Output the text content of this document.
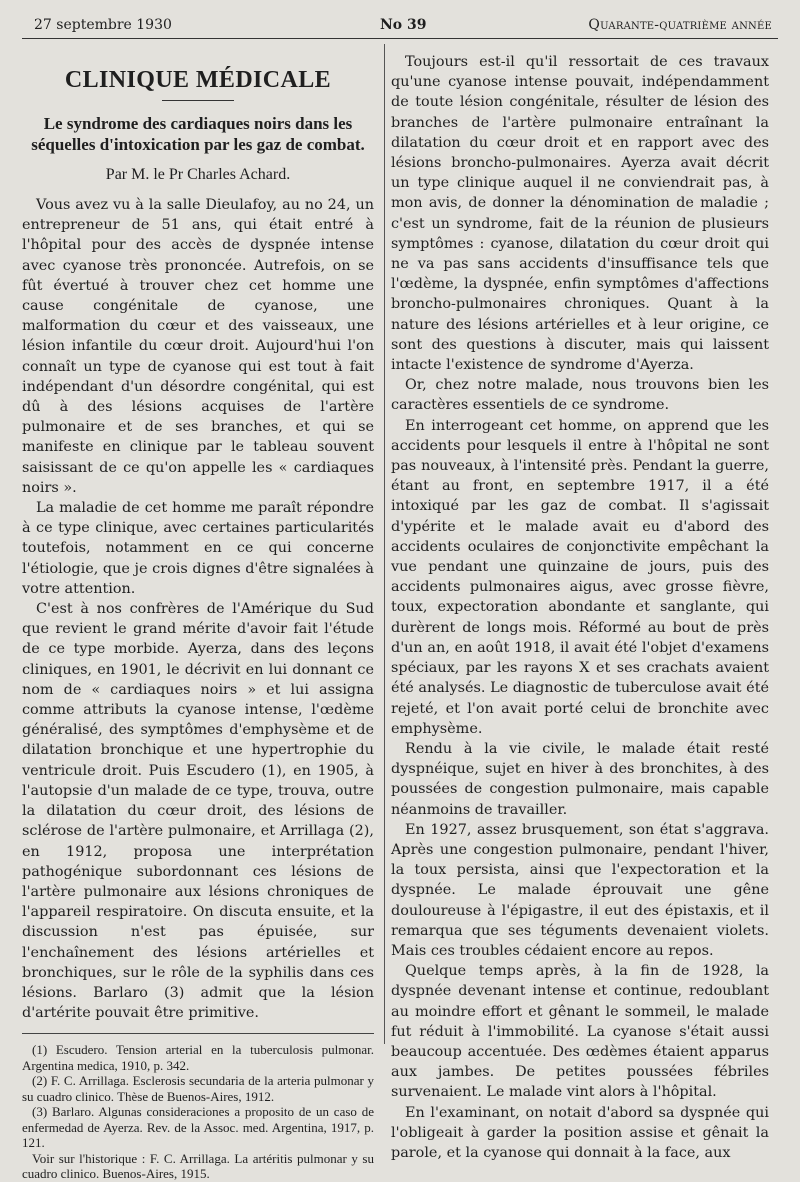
27 septembre 1930	No 39	Quarante-quatrième année
CLINIQUE MÉDICALE
Le syndrome des cardiaques noirs dans les séquelles d'intoxication par les gaz de combat.
Par M. le Pr Charles Achard.

Vous avez vu à la salle Dieulafoy, au no 24, un entrepreneur de 51 ans, qui était entré à l'hôpital pour des accès de dyspnée intense avec cyanose très prononcée. Autrefois, on se fût évertué à trouver chez cet homme une cause congénitale de cyanose, une malformation du cœur et des vaisseaux, une lésion infantile du cœur droit. Aujourd'hui l'on connaît un type de cyanose qui est tout à fait indépendant d'un désordre congénital, qui est dû à des lésions acquises de l'artère pulmonaire et de ses branches, et qui se manifeste en clinique par le tableau souvent saisissant de ce qu'on appelle les « cardiaques noirs ».

La maladie de cet homme me paraît répondre à ce type clinique, avec certaines particularités toutefois, notamment en ce qui concerne l'étiologie, que je crois dignes d'être signalées à votre attention.

C'est à nos confrères de l'Amérique du Sud que revient le grand mérite d'avoir fait l'étude de ce type morbide. Ayerza, dans des leçons cliniques, en 1901, le décrivit en lui donnant ce nom de « cardiaques noirs » et lui assigna comme attributs la cyanose intense, l'œdème généralisé, des symptômes d'emphysème et de dilatation bronchique et une hypertrophie du ventricule droit. Puis Escudero (1), en 1905, à l'autopsie d'un malade de ce type, trouva, outre la dilatation du cœur droit, des lésions de sclérose de l'artère pulmonaire, et Arrillaga (2), en 1912, proposa une interprétation pathogénique subordonnant ces lésions de l'artère pulmonaire aux lésions chroniques de l'appareil respiratoire. On discuta ensuite, et la discussion n'est pas épuisée, sur l'enchaînement des lésions artérielles et bronchiques, sur le rôle de la syphilis dans ces lésions. Barlaro (3) admit que la lésion d'artérite pouvait être primitive.

(1) Escudero. Tension arterial en la tuberculosis pulmonar. Argentina medica, 1910, p. 342.

(2) F. C. Arrillaga. Esclerosis secundaria de la arteria pulmonar y su cuadro clinico. Thèse de Buenos-Aires, 1912.

(3) Barlaro. Algunas consideraciones a proposito de un caso de enfermedad de Ayerza. Rev. de la Assoc. med. Argentina, 1917, p. 121.

Voir sur l'historique : F. C. Arrillaga. La artéritis pulmonar y su cuadro clinico. Buenos-Aires, 1915.

Toujours est-il qu'il ressortait de ces travaux qu'une cyanose intense pouvait, indépendamment de toute lésion congénitale, résulter de lésion des branches de l'artère pulmonaire entraînant la dilatation du cœur droit et en rapport avec des lésions broncho-pulmonaires. Ayerza avait décrit un type clinique auquel il ne conviendrait pas, à mon avis, de donner la dénomination de maladie ; c'est un syndrome, fait de la réunion de plusieurs symptômes : cyanose, dilatation du cœur droit qui ne va pas sans accidents d'insuffisance tels que l'œdème, la dyspnée, enfin symptômes d'affections broncho-pulmonaires chroniques. Quant à la nature des lésions artérielles et à leur origine, ce sont des questions à discuter, mais qui laissent intacte l'existence de syndrome d'Ayerza.

Or, chez notre malade, nous trouvons bien les caractères essentiels de ce syndrome.

En interrogeant cet homme, on apprend que les accidents pour lesquels il entre à l'hôpital ne sont pas nouveaux, à l'intensité près. Pendant la guerre, étant au front, en septembre 1917, il a été intoxiqué par les gaz de combat. Il s'agissait d'ypérite et le malade avait eu d'abord des accidents oculaires de conjonctivite empêchant la vue pendant une quinzaine de jours, puis des accidents pulmonaires aigus, avec grosse fièvre, toux, expectoration abondante et sanglante, qui durèrent de longs mois. Réformé au bout de près d'un an, en août 1918, il avait été l'objet d'examens spéciaux, par les rayons X et ses crachats avaient été analysés. Le diagnostic de tuberculose avait été rejeté, et l'on avait porté celui de bronchite avec emphysème.

Rendu à la vie civile, le malade était resté dyspnéique, sujet en hiver à des bronchites, à des poussées de congestion pulmonaire, mais capable néanmoins de travailler.

En 1927, assez brusquement, son état s'aggrava. Après une congestion pulmonaire, pendant l'hiver, la toux persista, ainsi que l'expectoration et la dyspnée. Le malade éprouvait une gêne douloureuse à l'épigastre, il eut des épistaxis, et il remarqua que ses téguments devenaient violets. Mais ces troubles cédaient encore au repos.

Quelque temps après, à la fin de 1928, la dyspnée devenant intense et continue, redoublant au moindre effort et gênant le sommeil, le malade fut réduit à l'immobilité. La cyanose s'était aussi beaucoup accentuée. Des œdèmes étaient apparus aux jambes. De petites poussées fébriles survenaient. Le malade vint alors à l'hôpital.

En l'examinant, on notait d'abord sa dyspnée qui l'obligeait à garder la position assise et gênait la parole, et la cyanose qui donnait à la face, aux
